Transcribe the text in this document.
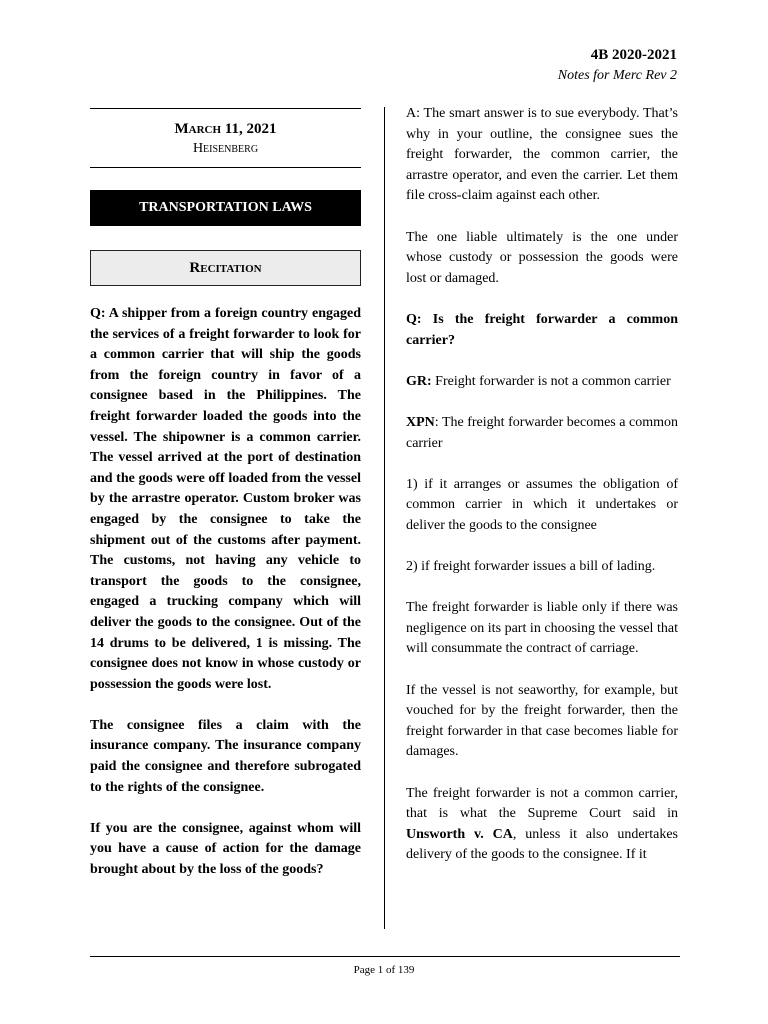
4B 2020-2021
Notes for Merc Rev 2
March 11, 2021
Heisenberg
TRANSPORTATION LAWS
Recitation

Q: A shipper from a foreign country engaged the services of a freight forwarder to look for a common carrier that will ship the goods from the foreign country in favor of a consignee based in the Philippines. The freight forwarder loaded the goods into the vessel. The shipowner is a common carrier. The vessel arrived at the port of destination and the goods were off loaded from the vessel by the arrastre operator. Custom broker was engaged by the consignee to take the shipment out of the customs after payment. The customs, not having any vehicle to transport the goods to the consignee, engaged a trucking company which will deliver the goods to the consignee. Out of the 14 drums to be delivered, 1 is missing. The consignee does not know in whose custody or possession the goods were lost.

The consignee files a claim with the insurance company. The insurance company paid the consignee and therefore subrogated to the rights of the consignee.

If you are the consignee, against whom will you have a cause of action for the damage brought about by the loss of the goods?

A: The smart answer is to sue everybody. That’s why in your outline, the consignee sues the freight forwarder, the common carrier, the arrastre operator, and even the carrier. Let them file cross-claim against each other.

The one liable ultimately is the one under whose custody or possession the goods were lost or damaged.

Q: Is the freight forwarder a common carrier?

GR: Freight forwarder is not a common carrier

XPN: The freight forwarder becomes a common carrier

1) if it arranges or assumes the obligation of common carrier in which it undertakes or deliver the goods to the consignee

2) if freight forwarder issues a bill of lading.

The freight forwarder is liable only if there was negligence on its part in choosing the vessel that will consummate the contract of carriage.

If the vessel is not seaworthy, for example, but vouched for by the freight forwarder, then the freight forwarder in that case becomes liable for damages.

The freight forwarder is not a common carrier, that is what the Supreme Court said in Unsworth v. CA, unless it also undertakes delivery of the goods to the consignee. If it

Page 1 of 139
